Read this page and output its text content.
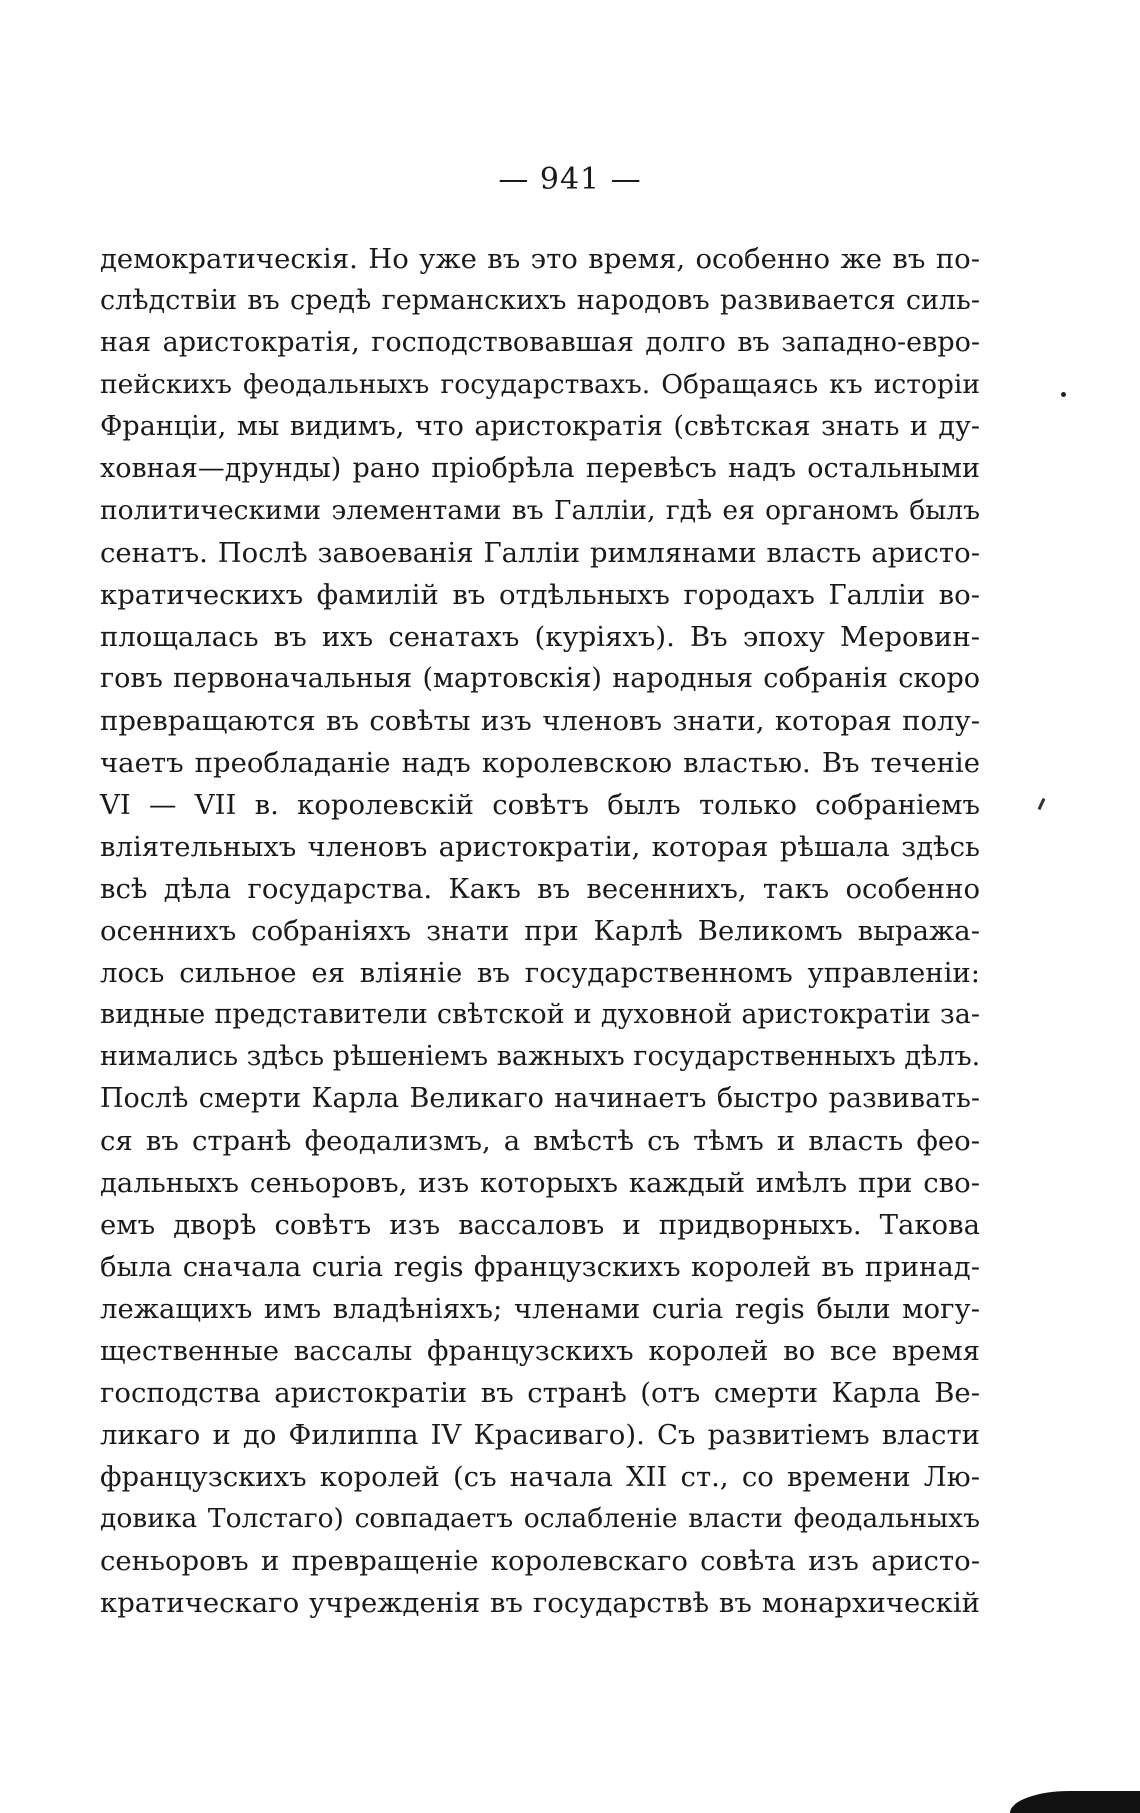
— 941 —
демократическiя. Но уже въ это время, особенно же въ по-
слѣдствiи въ средѣ германскихъ народовъ развивается силь-
ная аристократiя, господствовавшая долго въ западно-евро-
пейскихъ феодальныхъ государствахъ. Обращаясь къ исторiи
Францiи, мы видимъ, что аристократiя (свѣтская знать и ду-
ховная—друнды) рано прiобрѣла перевѣсъ надъ остальными
политическими элементами въ Галлiи, гдѣ ея органомъ былъ
сенатъ. Послѣ завоеванiя Галлiи римлянами власть аристо-
кратическихъ фамилiй въ отдѣльныхъ городахъ Галлiи во-
площалась въ ихъ сенатахъ (курiяхъ). Въ эпоху Меровин-
говъ первоначальныя (мартовскiя) народныя собранiя скоро
превращаются въ совѣты изъ членовъ знати, которая полу-
чаетъ преобладанiе надъ королевскою властью. Въ теченiе
VI — VII в. королевскiй совѣтъ былъ только собранiемъ
влiятельныхъ членовъ аристократiи, которая рѣшала здѣсь
всѣ дѣла государства. Какъ въ весеннихъ, такъ особенно
осеннихъ собранiяхъ знати при Карлѣ Великомъ выража-
лось сильное ея влiянiе въ государственномъ управленiи:
видные представители свѣтской и духовной аристократiи за-
нимались здѣсь рѣшенiемъ важныхъ государственныхъ дѣлъ.
Послѣ смерти Карла Великаго начинаетъ быстро развивать-
ся въ странѣ феодализмъ, а вмѣстѣ съ тѣмъ и власть фео-
дальныхъ сеньоровъ, изъ которыхъ каждый имѣлъ при сво-
емъ дворѣ совѣтъ изъ вассаловъ и придворныхъ. Такова
была сначала curia regis французскихъ королей въ принад-
лежащихъ имъ владѣнiяхъ; членами curia regis были могу-
щественные вассалы французскихъ королей во все время
господства аристократiи въ странѣ (отъ смерти Карла Ве-
ликаго и до Филиппа IV Красиваго). Съ развитiемъ власти
французскихъ королей (съ начала XII ст., со времени Лю-
довика Толстаго) совпадаетъ ослабленiе власти феодальныхъ
сеньоровъ и превращенiе королевскаго совѣта изъ аристо-
кратическаго учрежденiя въ государствѣ въ монархическiй
